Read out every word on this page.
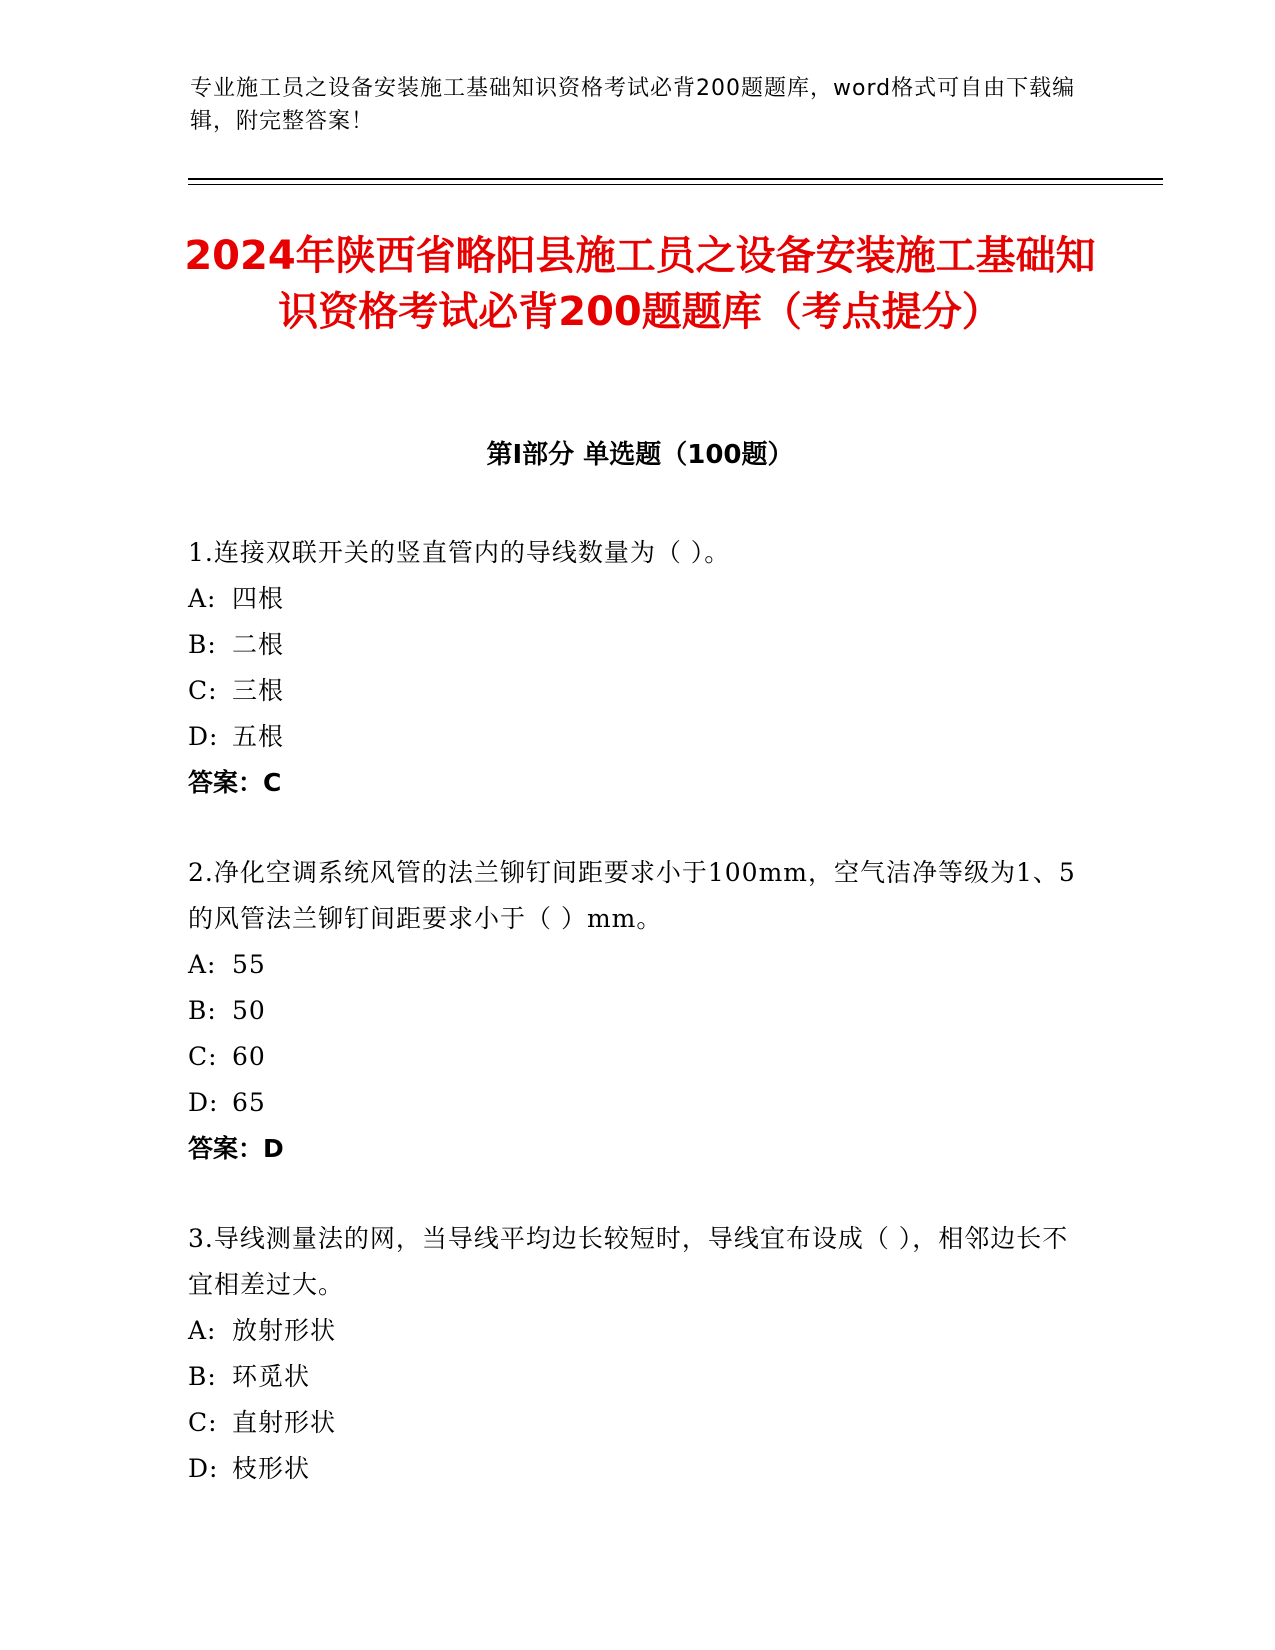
专业施工员之设备安装施工基础知识资格考试必背200题题库，word格式可自由下载编辑，附完整答案！
2024年陕西省略阳县施工员之设备安装施工基础知识资格考试必背200题题库（考点提分）
第Ⅰ部分 单选题（100题）

1.连接双联开关的竖直管内的导线数量为（ ）。

A: 四根

B: 二根

C: 三根

D: 五根

答案：C

2.净化空调系统风管的法兰铆钉间距要求小于100mm，空气洁净等级为1、5的风管法兰铆钉间距要求小于（ ）mm。

A: 55

B: 50

C: 60

D: 65

答案：D

3.导线测量法的网，当导线平均边长较短时，导线宜布设成（ ），相邻边长不宜相差过大。

A: 放射形状

B: 环觅状

C: 直射形状

D: 枝形状
